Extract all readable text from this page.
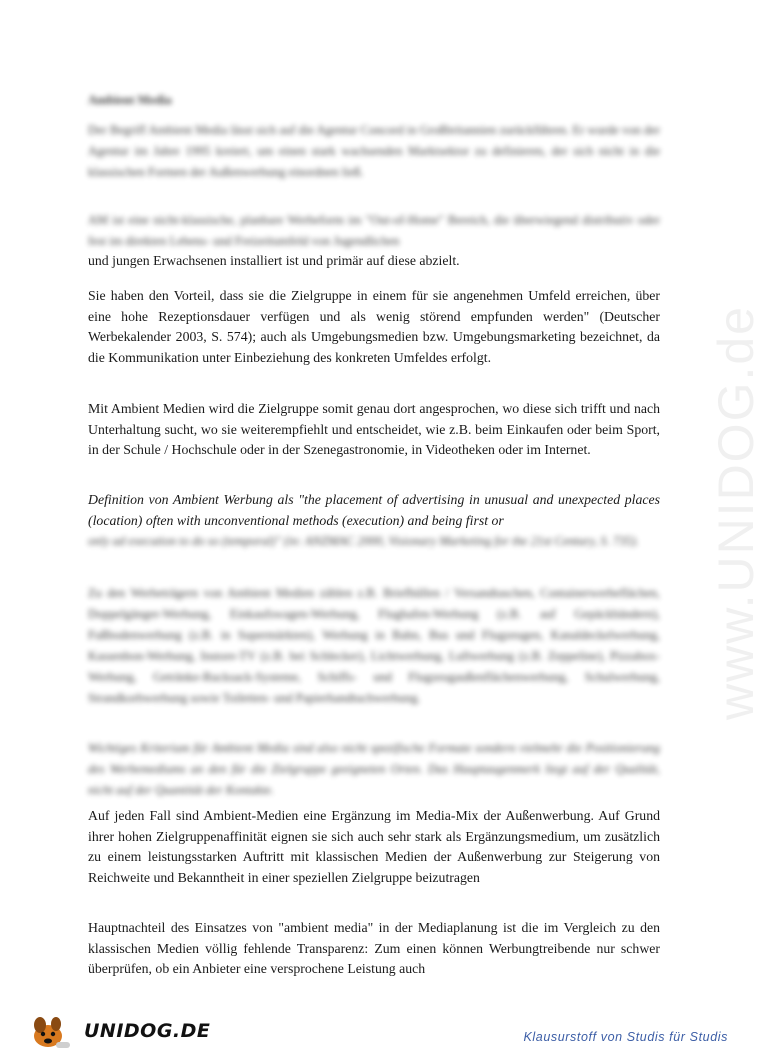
www.UNIDOG.de

Ambient Media

Der Begriff Ambient Media lässt sich auf die Agentur Concord in Großbritannien zurückführen. Er wurde von der Agentur im Jahre 1995 kreiert, um einen stark wachsenden Marktsektor zu definieren, der sich nicht in die klassischen Formen der Außenwerbung einordnen ließ.

AM ist eine nicht-klassische, planbare Werbeform im "Out-of-Home" Bereich, die überwiegend distributiv oder fest im direkten Lebens- und Freizeitumfeld von Jugendlichen

und jungen Erwachsenen installiert ist und primär auf diese abzielt.

Sie haben den Vorteil, dass sie die Zielgruppe in einem für sie angenehmen Umfeld erreichen, über eine hohe Rezeptionsdauer verfügen und als wenig störend empfunden werden" (Deutscher Werbekalender 2003, S. 574); auch als Umgebungsmedien bzw. Umgebungsmarketing bezeichnet, da die Kommunikation unter Einbeziehung des konkreten Umfeldes erfolgt.

Mit Ambient Medien wird die Zielgruppe somit genau dort angesprochen, wo diese sich trifft und nach Unterhaltung sucht, wo sie weiterempfiehlt und entscheidet, wie z.B. beim Einkaufen oder beim Sport, in der Schule / Hochschule oder in der Szenegastronomie, in Videotheken oder im Internet.

Definition von Ambient Werbung als "the placement of advertising in unusual and unexpected places (location) often with unconventional methods (execution) and being first or

only ad execution to do so (temporal)" (in: ANZMAC 2000, Visionary Marketing for the 21st Century, S. 735).

Zu den Werbeträgern von Ambient Medien zählen z.B. Briefhüllen / Versandtaschen, Containerwerbeflächen, Doppelgänger-Werbung, Einkaufswagen-Werbung, Flughafen-Werbung (z.B. auf Gepäckbändern), Fußbodenwerbung (z.B. in Supermärkten), Werbung in Bahn, Bus und Flugzeugen, Kanaldeckelwerbung, Kassenbon-Werbung, Instore-TV (z.B. bei Schlecker), Lichtwerbung, Luftwerbung (z.B. Zeppeline), Pizzabox-Werbung, Getränke-Rucksack-Systeme, Schiffs- und Flugzeugaußenflächenwerbung, Schulwerbung, Strandkorbwerbung sowie Toiletten- und Papierhandtuchwerbung.

Wichtiges Kriterium für Ambient Media sind also nicht spezifische Formate sondern vielmehr die Positionierung des Werbemediums an den für die Zielgruppe geeigneten Orten. Das Hauptaugenmerk liegt auf der Qualität, nicht auf der Quantität der Kontakte.

Auf jeden Fall sind Ambient-Medien eine Ergänzung im Media-Mix der Außenwerbung. Auf Grund ihrer hohen Zielgruppenaffinität eignen sie sich auch sehr stark als Ergänzungsmedium, um zusätzlich zu einem leistungsstarken Auftritt mit klassischen Medien der Außenwerbung zur Steigerung von Reichweite und Bekanntheit in einer speziellen Zielgruppe beizutragen

Hauptnachteil des Einsatzes von "ambient media" in der Mediaplanung ist die im Vergleich zu den klassischen Medien völlig fehlende Transparenz: Zum einen können Werbungtreibende nur schwer überprüfen, ob ein Anbieter eine versprochene Leistung auch

UNIDOG.DE	Klausurstoff von Studis für Studis
